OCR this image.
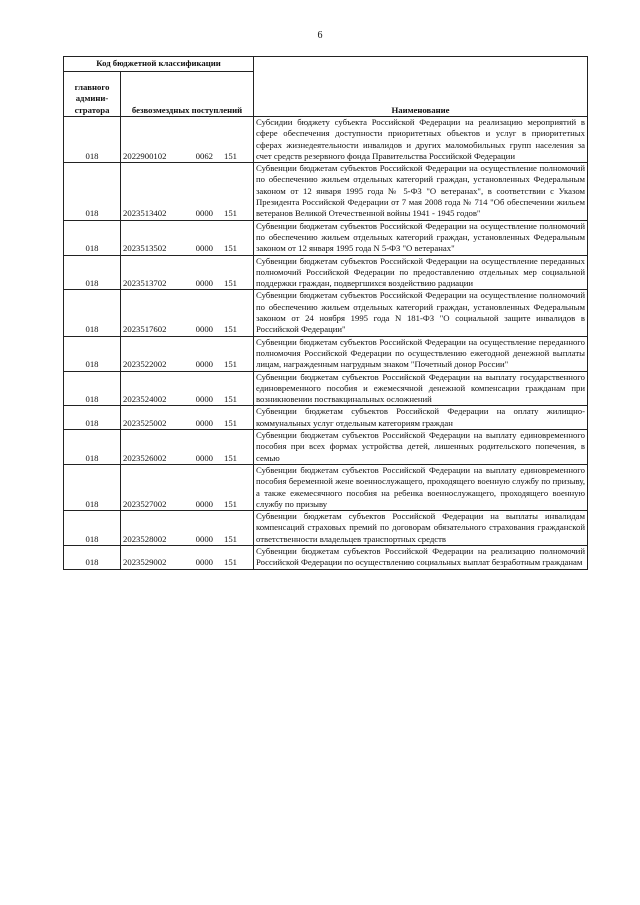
6
Код бюджетной классификации		Наименование
главного админи-стратора	безвозмездных поступлений	
018	2022900102 0062 151	Субсидии бюджету субъекта Российской Федерации на реализацию мероприятий в сфере обеспечения доступности приоритетных объектов и услуг в приоритетных сферах жизнедеятельности инвалидов и других маломобильных групп населения за счет средств резервного фонда Правительства Российской Федерации
018	2023513402 0000 151	Субвенции бюджетам субъектов Российской Федерации на осуществление полномочий по обеспечению жильем отдельных категорий граждан, установленных Федеральным законом от 12 января 1995 года № 5-ФЗ "О ветеранах", в соответствии с Указом Президента Российской Федерации от 7 мая 2008 года № 714 "Об обеспечении жильем ветеранов Великой Отечественной войны 1941 - 1945 годов"
018	2023513502 0000 151	Субвенции бюджетам субъектов Российской Федерации на осуществление полномочий по обеспечению жильем отдельных категорий граждан, установленных Федеральным законом от 12 января 1995 года N 5-ФЗ "О ветеранах"
018	2023513702 0000 151	Субвенции бюджетам субъектов Российской Федерации на осуществление переданных полномочий Российской Федерации по предоставлению отдельных мер социальной поддержки граждан, подвергшихся воздействию радиации
018	2023517602 0000 151	Субвенции бюджетам субъектов Российской Федерации на осуществление полномочий по обеспечению жильем отдельных категорий граждан, установленных Федеральным законом от 24 ноября 1995 года N 181-ФЗ "О социальной защите инвалидов в Российской Федерации"
018	2023522002 0000 151	Субвенции бюджетам субъектов Российской Федерации на осуществление переданного полномочия Российской Федерации по осуществлению ежегодной денежной выплаты лицам, награжденным нагрудным знаком "Почетный донор России"
018	2023524002 0000 151	Субвенции бюджетам субъектов Российской Федерации на выплату государственного единовременного пособия и ежемесячной денежной компенсации гражданам при возникновении поствакцинальных осложнений
018	2023525002 0000 151	Субвенции бюджетам субъектов Российской Федерации на оплату жилищно-коммунальных услуг отдельным категориям граждан
018	2023526002 0000 151	Субвенции бюджетам субъектов Российской Федерации на выплату единовременного пособия при всех формах устройства детей, лишенных родительского попечения, в семью
018	2023527002 0000 151	Субвенции бюджетам субъектов Российской Федерации на выплату единовременного пособия беременной жене военнослужащего, проходящего военную службу по призыву, а также ежемесячного пособия на ребенка военнослужащего, проходящего военную службу по призыву
018	2023528002 0000 151	Субвенции бюджетам субъектов Российской Федерации на выплаты инвалидам компенсаций страховых премий по договорам обязательного страхования гражданской ответственности владельцев транспортных средств
018	2023529002 0000 151	Субвенции бюджетам субъектов Российской Федерации на реализацию полномочий Российской Федерации по осуществлению социальных выплат безработным гражданам
